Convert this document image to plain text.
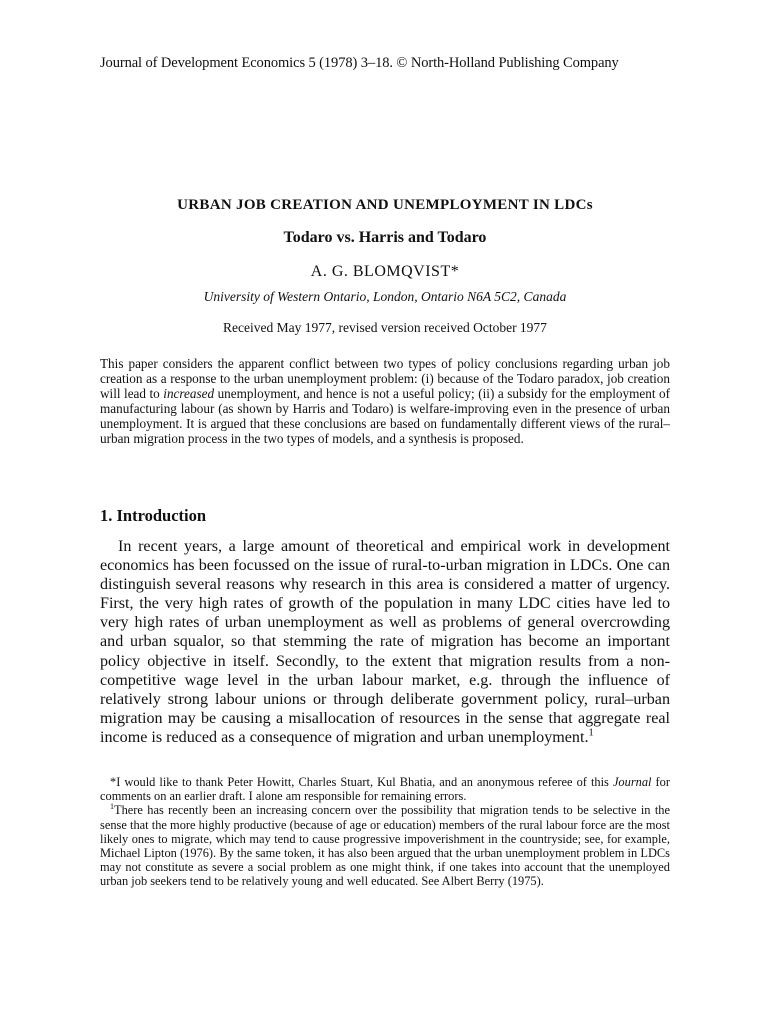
Journal of Development Economics 5 (1978) 3–18. © North-Holland Publishing Company
URBAN JOB CREATION AND UNEMPLOYMENT IN LDCs
Todaro vs. Harris and Todaro
A. G. BLOMQVIST*
University of Western Ontario, London, Ontario N6A 5C2, Canada
Received May 1977, revised version received October 1977

This paper considers the apparent conflict between two types of policy conclusions regarding urban job creation as a response to the urban unemployment problem: (i) because of the Todaro paradox, job creation will lead to increased unemployment, and hence is not a useful policy; (ii) a subsidy for the employment of manufacturing labour (as shown by Harris and Todaro) is welfare-improving even in the presence of urban unemployment. It is argued that these conclusions are based on fundamentally different views of the rural–urban migration process in the two types of models, and a synthesis is proposed.

1. Introduction

In recent years, a large amount of theoretical and empirical work in development economics has been focussed on the issue of rural-to-urban migration in LDCs. One can distinguish several reasons why research in this area is considered a matter of urgency. First, the very high rates of growth of the population in many LDC cities have led to very high rates of urban unemployment as well as problems of general overcrowding and urban squalor, so that stemming the rate of migration has become an important policy objective in itself. Secondly, to the extent that migration results from a non-competitive wage level in the urban labour market, e.g. through the influence of relatively strong labour unions or through deliberate government policy, rural–urban migration may be causing a misallocation of resources in the sense that aggregate real income is reduced as a consequence of migration and urban unemployment.$^1$

*I would like to thank Peter Howitt, Charles Stuart, Kul Bhatia, and an anonymous referee of this Journal for comments on an earlier draft. I alone am responsible for remaining errors.

$^1$There has recently been an increasing concern over the possibility that migration tends to be selective in the sense that the more highly productive (because of age or education) members of the rural labour force are the most likely ones to migrate, which may tend to cause progressive impoverishment in the countryside; see, for example, Michael Lipton (1976). By the same token, it has also been argued that the urban unemployment problem in LDCs may not constitute as severe a social problem as one might think, if one takes into account that the unemployed urban job seekers tend to be relatively young and well educated. See Albert Berry (1975).
